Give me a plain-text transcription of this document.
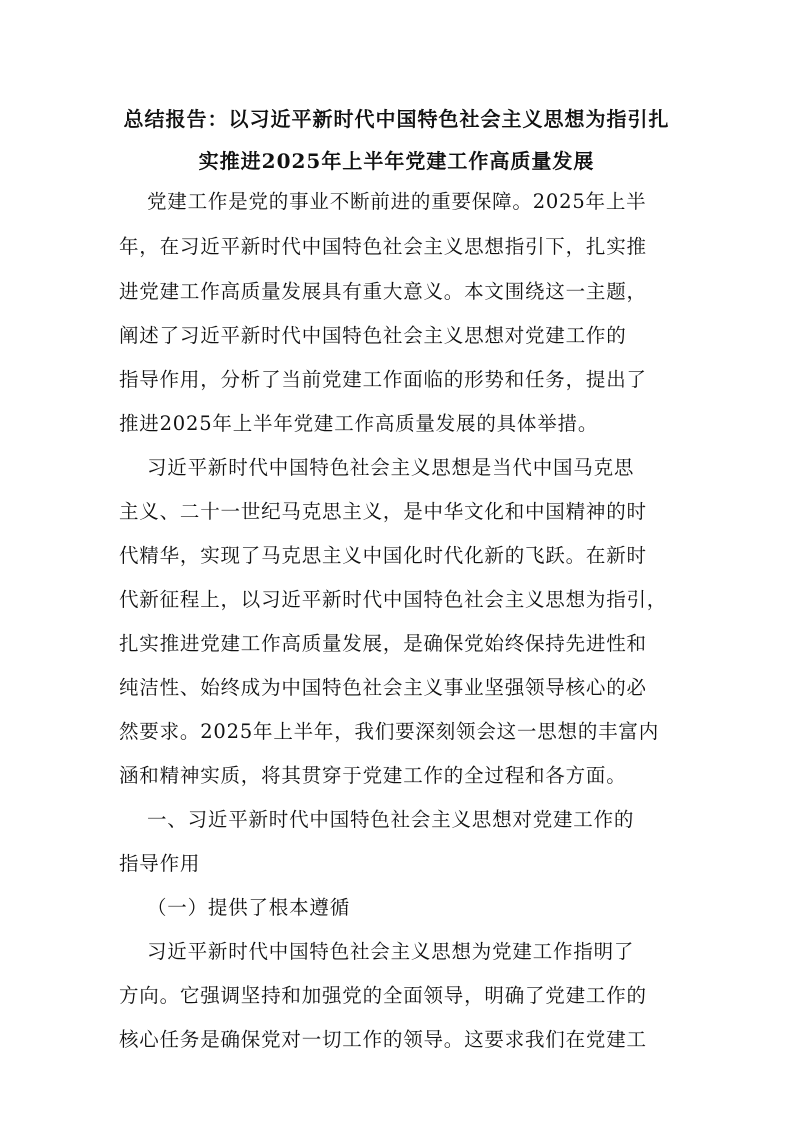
总结报告：以习近平新时代中国特色社会主义思想为指引扎
实推进2025年上半年党建工作高质量发展
党建工作是党的事业不断前进的重要保障。2025年上半
年，在习近平新时代中国特色社会主义思想指引下，扎实推
进党建工作高质量发展具有重大意义。本文围绕这一主题，
阐述了习近平新时代中国特色社会主义思想对党建工作的
指导作用，分析了当前党建工作面临的形势和任务，提出了
推进2025年上半年党建工作高质量发展的具体举措。
习近平新时代中国特色社会主义思想是当代中国马克思
主义、二十一世纪马克思主义，是中华文化和中国精神的时
代精华，实现了马克思主义中国化时代化新的飞跃。在新时
代新征程上，以习近平新时代中国特色社会主义思想为指引，
扎实推进党建工作高质量发展，是确保党始终保持先进性和
纯洁性、始终成为中国特色社会主义事业坚强领导核心的必
然要求。2025年上半年，我们要深刻领会这一思想的丰富内
涵和精神实质，将其贯穿于党建工作的全过程和各方面。
一、习近平新时代中国特色社会主义思想对党建工作的
指导作用
（一）提供了根本遵循
习近平新时代中国特色社会主义思想为党建工作指明了
方向。它强调坚持和加强党的全面领导，明确了党建工作的
核心任务是确保党对一切工作的领导。这要求我们在党建工
